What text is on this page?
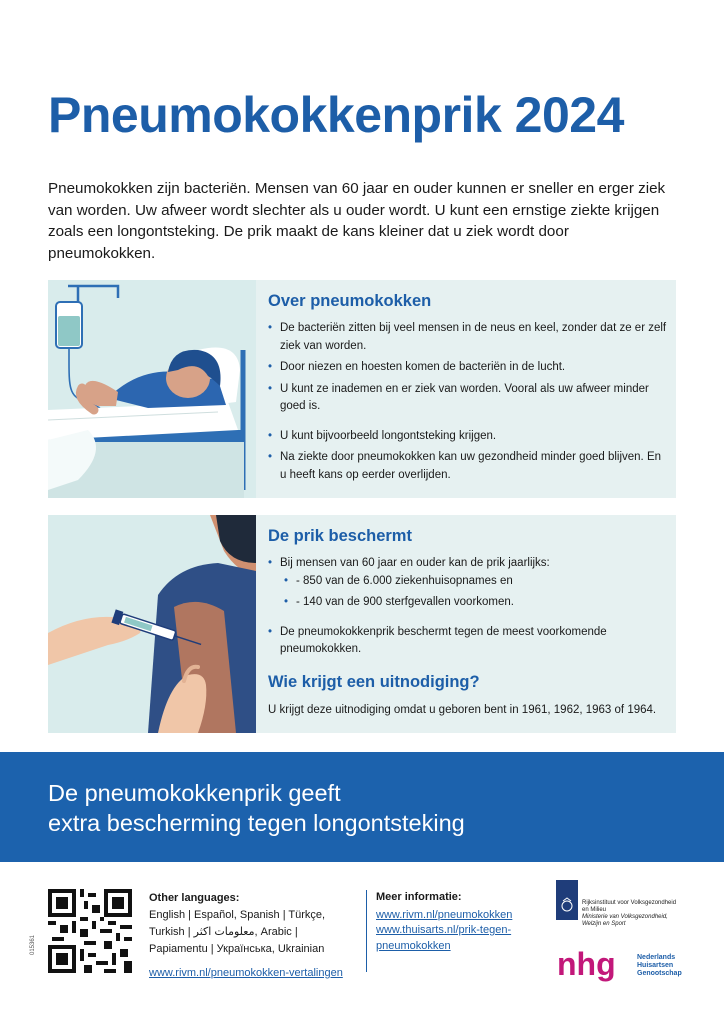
Pneumokokkenprik 2024

Pneumokokken zijn bacteriën. Mensen van 60 jaar en ouder kunnen er sneller en erger ziek van worden. Uw afweer wordt slechter als u ouder wordt. U kunt een ernstige ziekte krijgen zoals een longontsteking. De prik maakt de kans kleiner dat u ziek wordt door pneumokokken.

Over pneumokokken
• De bacteriën zitten bij veel mensen in de neus en keel, zonder dat ze er zelf ziek van worden.
• Door niezen en hoesten komen de bacteriën in de lucht.
• U kunt ze inademen en er ziek van worden. Vooral als uw afweer minder goed is.
• U kunt bijvoorbeeld longontsteking krijgen.
• Na ziekte door pneumokokken kan uw gezondheid minder goed blijven. En u heeft kans op eerder overlijden.
De prik beschermt
• Bij mensen van 60 jaar en ouder kan de prik jaarlijks:
• - 850 van de 6.000 ziekenhuisopnames en
• - 140 van de 900 sterfgevallen voorkomen.
• De pneumokokkenprik beschermt tegen de meest voorkomende pneumokokken.
Wie krijgt een uitnodiging?

U krijgt deze uitnodiging omdat u geboren bent in 1961, 1962, 1963 of 1964.

De pneumokokkenprik geeft
extra bescherming tegen longontsteking
015361
Other languages:
English | Español, Spanish | Türkçe,
Turkish | معلومات اكثر, Arabic |
Papiamentu | Українська, Ukrainian
www.rivm.nl/pneumokokken-vertalingen
Meer informatie:
www.rivm.nl/pneumokokken
www.thuisarts.nl/prik-tegen-
pneumokokken
Rijksinstituut voor Volksgezondheid
en Milieu
Ministerie van Volksgezondheid,
Welzijn en Sport
nhg	Nederlands
Huisartsen
Genootschap
